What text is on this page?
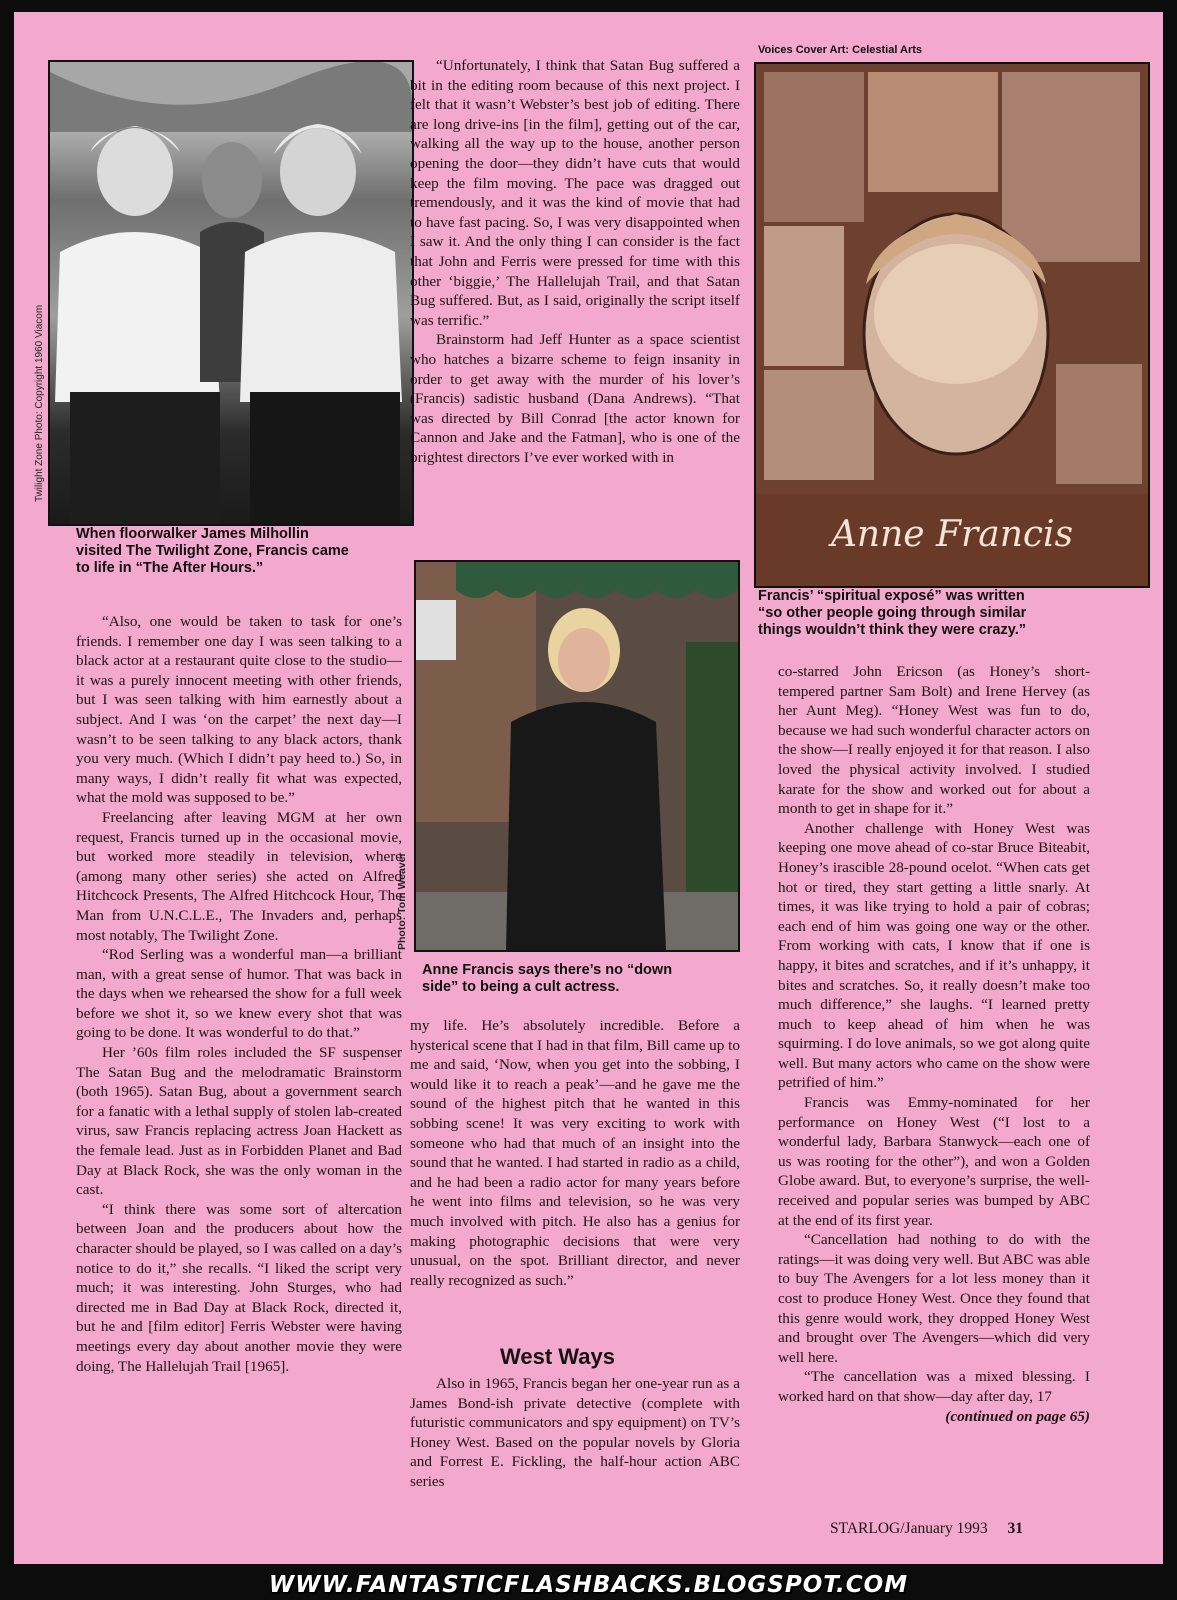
Twilight Zone Photo: Copyright 1960 Viacom
When floorwalker James Milhollin
visited The Twilight Zone, Francis came
to life in “The After Hours.”

“Unfortunately, I think that Satan Bug suffered a bit in the editing room because of this next project. I felt that it wasn’t Webster’s best job of editing. There are long drive-ins [in the film], getting out of the car, walking all the way up to the house, another person opening the door—they didn’t have cuts that would keep the film moving. The pace was dragged out tremendously, and it was the kind of movie that had to have fast pacing. So, I was very disappointed when I saw it. And the only thing I can consider is the fact that John and Ferris were pressed for time with this other ‘biggie,’ The Hallelujah Trail, and that Satan Bug suffered. But, as I said, originally the script itself was terrific.”

Brainstorm had Jeff Hunter as a space scientist who hatches a bizarre scheme to feign insanity in order to get away with the murder of his lover’s (Francis) sadistic husband (Dana Andrews). “That was directed by Bill Conrad [the actor known for Cannon and Jake and the Fatman], who is one of the brightest directors I’ve ever worked with in

Voices Cover Art: Celestial Arts
Anne Francis
Francis’ “spiritual exposé” was written
“so other people going through similar
things wouldn’t think they were crazy.”
Photo: Tom Weaver
Anne Francis says there’s no “down
side” to being a cult actress.

“Also, one would be taken to task for one’s friends. I remember one day I was seen talking to a black actor at a restaurant quite close to the studio—it was a purely innocent meeting with other friends, but I was seen talking with him earnestly about a subject. And I was ‘on the carpet’ the next day—I wasn’t to be seen talking to any black actors, thank you very much. (Which I didn’t pay heed to.) So, in many ways, I didn’t really fit what was expected, what the mold was supposed to be.”

Freelancing after leaving MGM at her own request, Francis turned up in the occasional movie, but worked more steadily in television, where (among many other series) she acted on Alfred Hitchcock Presents, The Alfred Hitchcock Hour, The Man from U.N.C.L.E., The Invaders and, perhaps most notably, The Twilight Zone.

“Rod Serling was a wonderful man—a brilliant man, with a great sense of humor. That was back in the days when we rehearsed the show for a full week before we shot it, so we knew every shot that was going to be done. It was wonderful to do that.”

Her ’60s film roles included the SF suspenser The Satan Bug and the melodramatic Brainstorm (both 1965). Satan Bug, about a government search for a fanatic with a lethal supply of stolen lab-created virus, saw Francis replacing actress Joan Hackett as the female lead. Just as in Forbidden Planet and Bad Day at Black Rock, she was the only woman in the cast.

“I think there was some sort of altercation between Joan and the producers about how the character should be played, so I was called on a day’s notice to do it,” she recalls. “I liked the script very much; it was interesting. John Sturges, who had directed me in Bad Day at Black Rock, directed it, but he and [film editor] Ferris Webster were having meetings every day about another movie they were doing, The Hallelujah Trail [1965].

my life. He’s absolutely incredible. Before a hysterical scene that I had in that film, Bill came up to me and said, ‘Now, when you get into the sobbing, I would like it to reach a peak’—and he gave me the sound of the highest pitch that he wanted in this sobbing scene! It was very exciting to work with someone who had that much of an insight into the sound that he wanted. I had started in radio as a child, and he had been a radio actor for many years before he went into films and television, so he was very much involved with pitch. He also has a genius for making photographic decisions that were very unusual, on the spot. Brilliant director, and never really recognized as such.”

West Ways

Also in 1965, Francis began her one-year run as a James Bond-ish private detective (complete with futuristic communicators and spy equipment) on TV’s Honey West. Based on the popular novels by Gloria and Forrest E. Fickling, the half-hour action ABC series

co-starred John Ericson (as Honey’s short-tempered partner Sam Bolt) and Irene Hervey (as her Aunt Meg). “Honey West was fun to do, because we had such wonderful character actors on the show—I really enjoyed it for that reason. I also loved the physical activity involved. I studied karate for the show and worked out for about a month to get in shape for it.”

Another challenge with Honey West was keeping one move ahead of co-star Bruce Biteabit, Honey’s irascible 28-pound ocelot. “When cats get hot or tired, they start getting a little snarly. At times, it was like trying to hold a pair of cobras; each end of him was going one way or the other. From working with cats, I know that if one is happy, it bites and scratches, and if it’s unhappy, it bites and scratches. So, it really doesn’t make too much difference,” she laughs. “I learned pretty much to keep ahead of him when he was squirming. I do love animals, so we got along quite well. But many actors who came on the show were petrified of him.”

Francis was Emmy-nominated for her performance on Honey West (“I lost to a wonderful lady, Barbara Stanwyck—each one of us was rooting for the other”), and won a Golden Globe award. But, to everyone’s surprise, the well-received and popular series was bumped by ABC at the end of its first year.

“Cancellation had nothing to do with the ratings—it was doing very well. But ABC was able to buy The Avengers for a lot less money than it cost to produce Honey West. Once they found that this genre would work, they dropped Honey West and brought over The Avengers—which did very well here.

“The cancellation was a mixed blessing. I worked hard on that show—day after day, 17

(continued on page 65)
STARLOG/January 1993 31
WWW.FANTASTICFLASHBACKS.BLOGSPOT.COM
